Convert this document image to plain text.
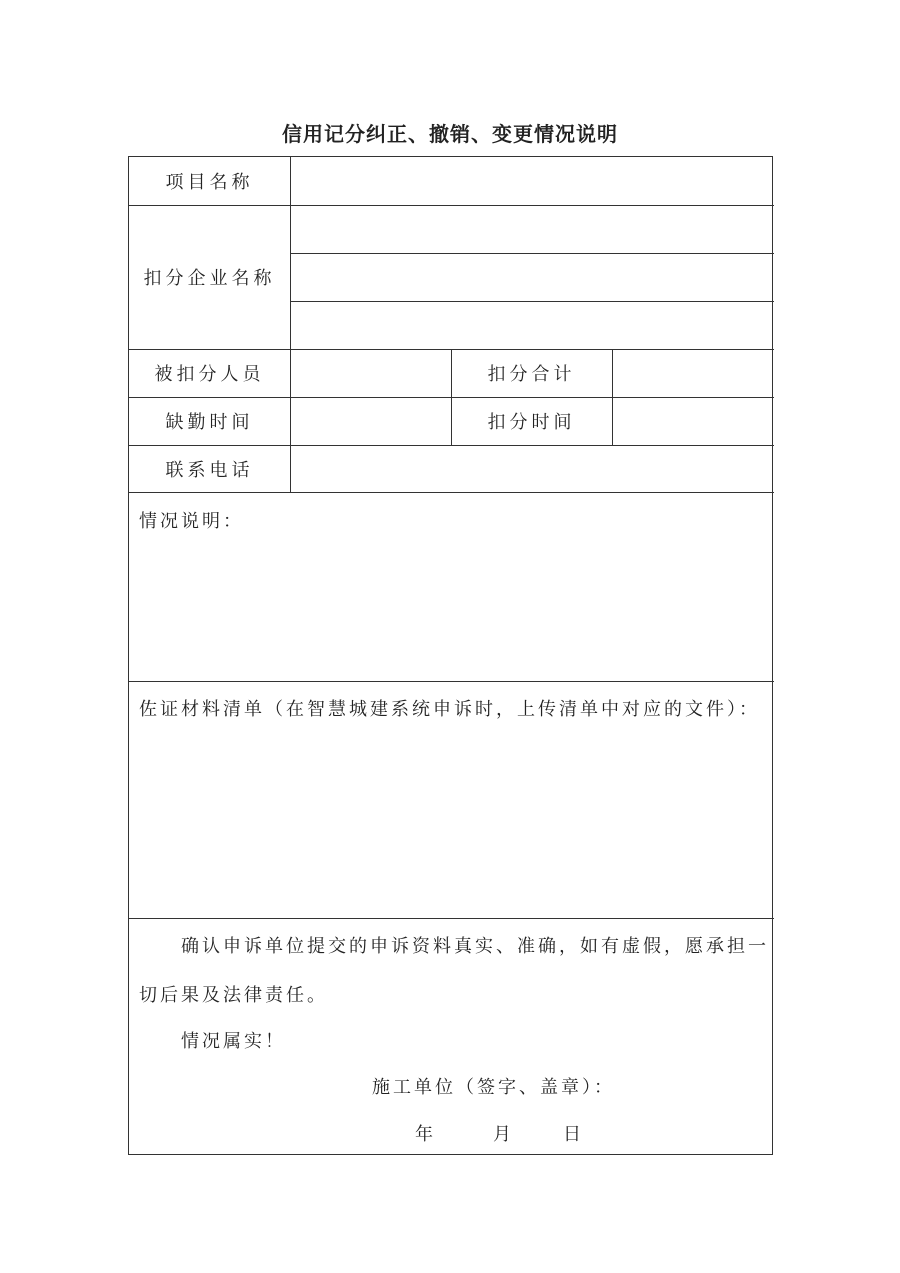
信用记分纠正、撤销、变更情况说明
项目名称
扣分企业名称
被扣分人员	扣分合计
缺勤时间	扣分时间
联系电话
情况说明：
佐证材料清单（在智慧城建系统申诉时，上传清单中对应的文件）：
确认申诉单位提交的申诉资料真实、准确，如有虚假，愿承担一
切后果及法律责任。
情况属实！
施工单位（签字、盖章）：
年	月	日
